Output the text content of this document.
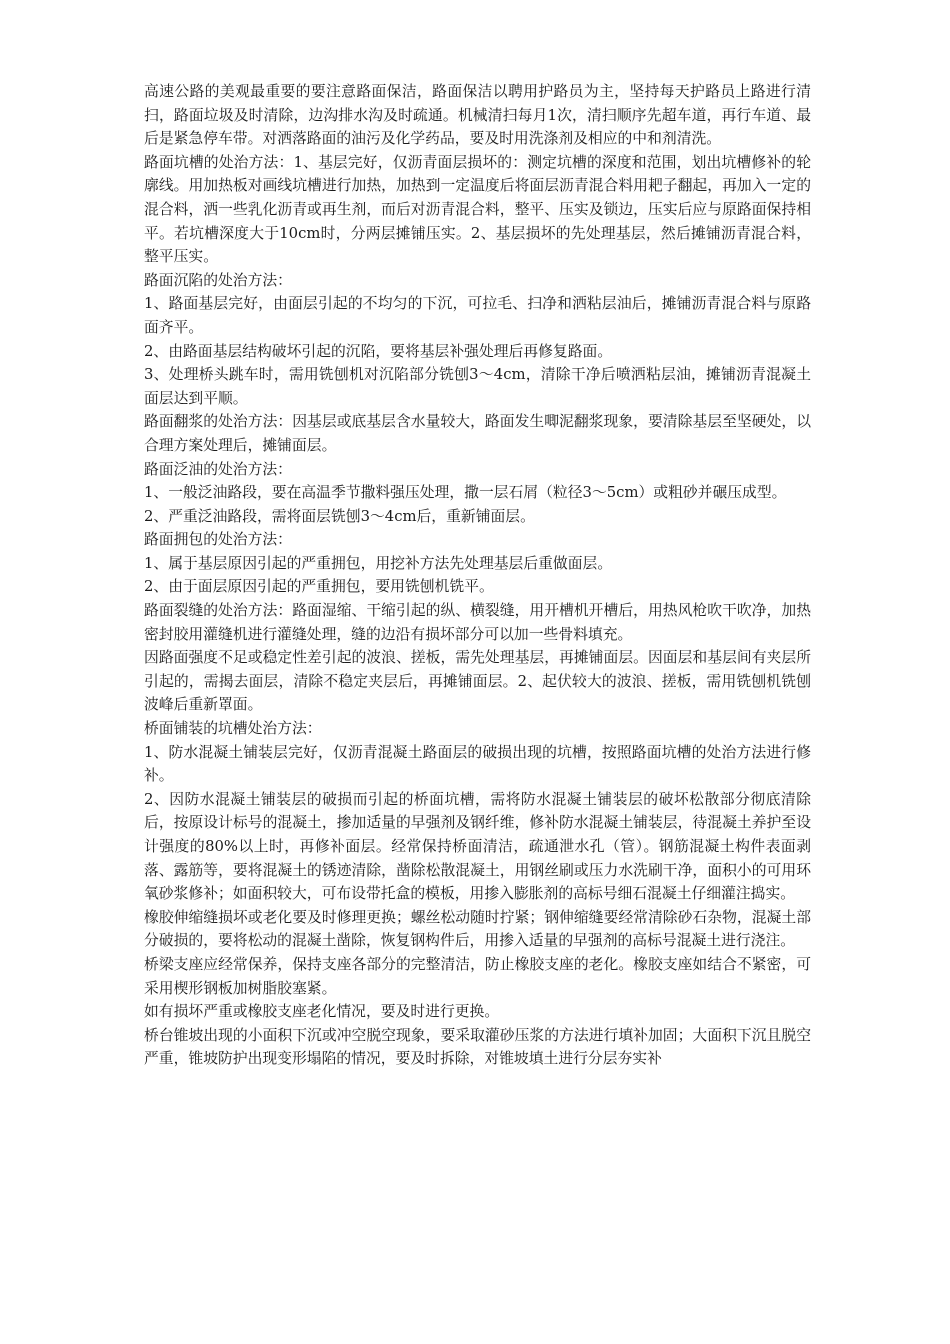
高速公路的美观最重要的要注意路面保洁，路面保洁以聘用护路员为主，坚持每天护路员上路进行清扫，路面垃圾及时清除，边沟排水沟及时疏通。机械清扫每月1次，清扫顺序先超车道，再行车道、最后是紧急停车带。对洒落路面的油污及化学药品，要及时用洗涤剂及相应的中和剂清洗。

路面坑槽的处治方法：1、基层完好，仅沥青面层损坏的：测定坑槽的深度和范围，划出坑槽修补的轮廓线。用加热板对画线坑槽进行加热，加热到一定温度后将面层沥青混合料用耙子翻起，再加入一定的混合料，洒一些乳化沥青或再生剂，而后对沥青混合料，整平、压实及锁边，压实后应与原路面保持相平。若坑槽深度大于10cm时，分两层摊铺压实。2、基层损坏的先处理基层，然后摊铺沥青混合料，整平压实。

路面沉陷的处治方法：

1、路面基层完好，由面层引起的不均匀的下沉，可拉毛、扫净和洒粘层油后，摊铺沥青混合料与原路面齐平。

2、由路面基层结构破坏引起的沉陷，要将基层补强处理后再修复路面。

3、处理桥头跳车时，需用铣刨机对沉陷部分铣刨3～4cm，清除干净后喷洒粘层油，摊铺沥青混凝土面层达到平顺。

路面翻浆的处治方法：因基层或底基层含水量较大，路面发生唧泥翻浆现象，要清除基层至坚硬处，以合理方案处理后，摊铺面层。

路面泛油的处治方法：

1、一般泛油路段，要在高温季节撒料强压处理，撒一层石屑（粒径3～5cm）或粗砂并碾压成型。

2、严重泛油路段，需将面层铣刨3～4cm后，重新铺面层。

路面拥包的处治方法：

1、属于基层原因引起的严重拥包，用挖补方法先处理基层后重做面层。

2、由于面层原因引起的严重拥包，要用铣刨机铣平。

路面裂缝的处治方法：路面湿缩、干缩引起的纵、横裂缝，用开槽机开槽后，用热风枪吹干吹净，加热密封胶用灌缝机进行灌缝处理，缝的边沿有损坏部分可以加一些骨料填充。

因路面强度不足或稳定性差引起的波浪、搓板，需先处理基层，再摊铺面层。因面层和基层间有夹层所引起的，需揭去面层，清除不稳定夹层后，再摊铺面层。2、起伏较大的波浪、搓板，需用铣刨机铣刨波峰后重新罩面。

桥面铺装的坑槽处治方法：

1、防水混凝土铺装层完好，仅沥青混凝土路面层的破损出现的坑槽，按照路面坑槽的处治方法进行修补。

2、因防水混凝土铺装层的破损而引起的桥面坑槽，需将防水混凝土铺装层的破坏松散部分彻底清除后，按原设计标号的混凝土，掺加适量的早强剂及钢纤维，修补防水混凝土铺装层，待混凝土养护至设计强度的80%以上时，再修补面层。经常保持桥面清洁，疏通泄水孔（管）。钢筋混凝土构件表面剥落、露筋等，要将混凝土的锈迹清除，凿除松散混凝土，用钢丝刷或压力水洗刷干净，面积小的可用环氧砂浆修补；如面积较大，可布设带托盒的模板，用掺入膨胀剂的高标号细石混凝土仔细灌注捣实。

橡胶伸缩缝损坏或老化要及时修理更换；螺丝松动随时拧紧；钢伸缩缝要经常清除砂石杂物，混凝土部分破损的，要将松动的混凝土凿除，恢复钢构件后，用掺入适量的早强剂的高标号混凝土进行浇注。

桥梁支座应经常保养，保持支座各部分的完整清洁，防止橡胶支座的老化。橡胶支座如结合不紧密，可采用楔形钢板加树脂胶塞紧。

如有损坏严重或橡胶支座老化情况，要及时进行更换。

桥台锥坡出现的小面积下沉或冲空脱空现象，要采取灌砂压浆的方法进行填补加固；大面积下沉且脱空严重，锥坡防护出现变形塌陷的情况，要及时拆除，对锥坡填土进行分层夯实补
